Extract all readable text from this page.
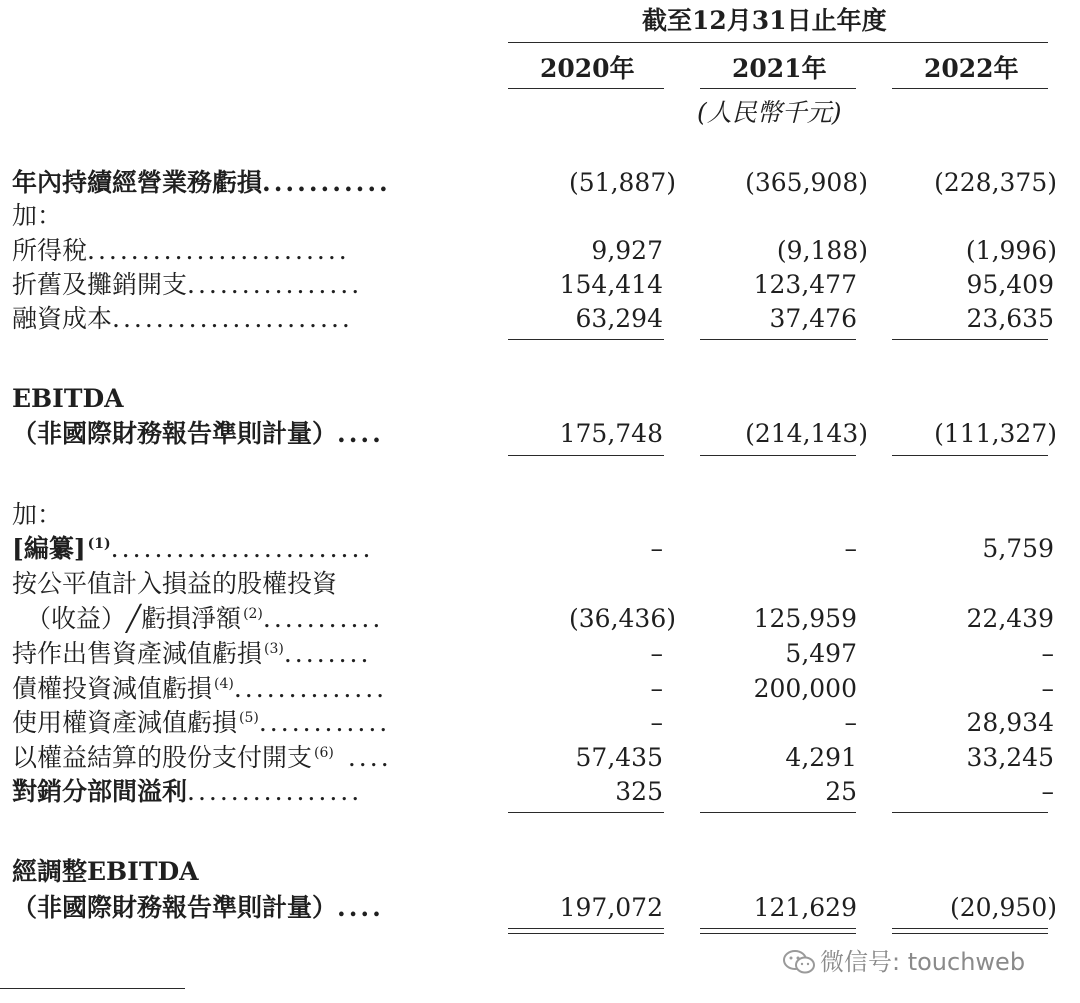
截至12月31日止年度
2020年	2021年	2022年
(人民幣千元)
年內持續經營業務虧損...........	(51,887)	(365,908)	(228,375)
加：
所得稅........................	9,927	(9,188)	(1,996)
折舊及攤銷開支................	154,414	123,477	95,409
融資成本......................	63,294	37,476	23,635
EBITDA
（非國際財務報告準則計量）....	175,748	(214,143)	(111,327)
加：
[編纂] $^{(1)}$........................	–	–	5,759
按公平值計入損益的股權投資
（收益）╱虧損淨額 $^{(2)}$...........	(36,436)	125,959	22,439
持作出售資產減值虧損 $^{(3)}$........	–	5,497	–
債權投資減值虧損 $^{(4)}$..............	–	200,000	–
使用權資產減值虧損 $^{(5)}$............	–	–	28,934
以權益結算的股份支付開支 $^{(6)}$ ....	57,435	4,291	33,245
對銷分部間溢利................	325	25	–
經調整EBITDA
（非國際財務報告準則計量）....	197,072	121,629	(20,950)
微信号: touchweb
